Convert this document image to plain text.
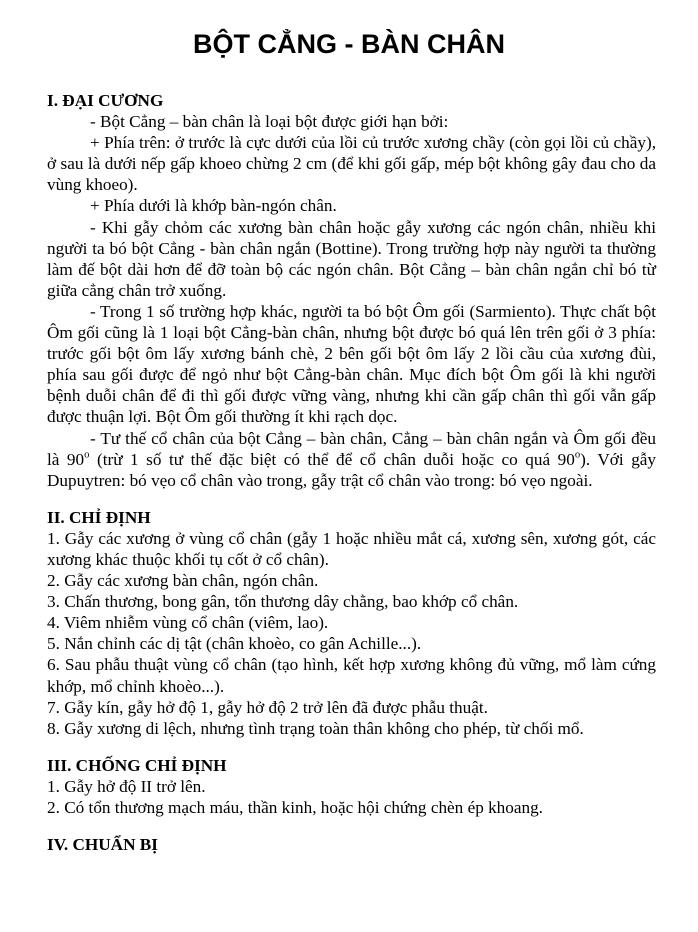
BỘT CẲNG - BÀN CHÂN

I. ĐẠI CƯƠNG

- Bột Cẳng – bàn chân là loại bột được giới hạn bởi:

+ Phía trên: ở trước là cực dưới của lồi củ trước xương chầy (còn gọi lồi củ chầy), ở sau là dưới nếp gấp khoeo chừng 2 cm (để khi gối gấp, mép bột không gây đau cho da vùng khoeo).

+ Phía dưới là khớp bàn-ngón chân.

- Khi gẫy chỏm các xương bàn chân hoặc gẫy xương các ngón chân, nhiều khi người ta bó bột Cẳng - bàn chân ngắn (Bottine). Trong trường hợp này người ta thường làm đế bột dài hơn để đỡ toàn bộ các ngón chân. Bột Cẳng – bàn chân ngắn chỉ bó từ giữa cẳng chân trở xuống.

- Trong 1 số trường hợp khác, người ta bó bột Ôm gối (Sarmiento). Thực chất bột Ôm gối cũng là 1 loại bột Cẳng-bàn chân, nhưng bột được bó quá lên trên gối ở 3 phía: trước gối bột ôm lấy xương bánh chè, 2 bên gối bột ôm lấy 2 lồi cầu của xương đùi, phía sau gối được để ngỏ như bột Cẳng-bàn chân. Mục đích bột Ôm gối là khi người bệnh duỗi chân để đi thì gối được vững vàng, nhưng khi cần gấp chân thì gối vẫn gấp được thuận lợi. Bột Ôm gối thường ít khi rạch dọc.

- Tư thế cổ chân của bột Cẳng – bàn chân, Cẳng – bàn chân ngắn và Ôm gối đều là 90$^o$ (trừ 1 số tư thế đặc biệt có thể để cổ chân duỗi hoặc co quá 90$^o$). Với gẫy Dupuytren: bó vẹo cổ chân vào trong, gẫy trật cổ chân vào trong: bó vẹo ngoài.

II. CHỈ ĐỊNH

1. Gẫy các xương ở vùng cổ chân (gẫy 1 hoặc nhiều mắt cá, xương sên, xương gót, các xương khác thuộc khối tụ cốt ở cổ chân).

2. Gẫy các xương bàn chân, ngón chân.

3. Chấn thương, bong gân, tổn thương dây chằng, bao khớp cổ chân.

4. Viêm nhiễm vùng cổ chân (viêm, lao).

5. Nắn chỉnh các dị tật (chân khoèo, co gân Achille...).

6. Sau phẫu thuật vùng cổ chân (tạo hình, kết hợp xương không đủ vững, mổ làm cứng khớp, mổ chỉnh khoèo...).

7. Gẫy kín, gẫy hở độ 1, gẫy hở độ 2 trở lên đã được phẫu thuật.

8. Gẫy xương di lệch, nhưng tình trạng toàn thân không cho phép, từ chối mổ.

III. CHỐNG CHỈ ĐỊNH

1. Gẫy hở độ II trở lên.

2. Có tổn thương mạch máu, thần kinh, hoặc hội chứng chèn ép khoang.

IV. CHUẨN BỊ
